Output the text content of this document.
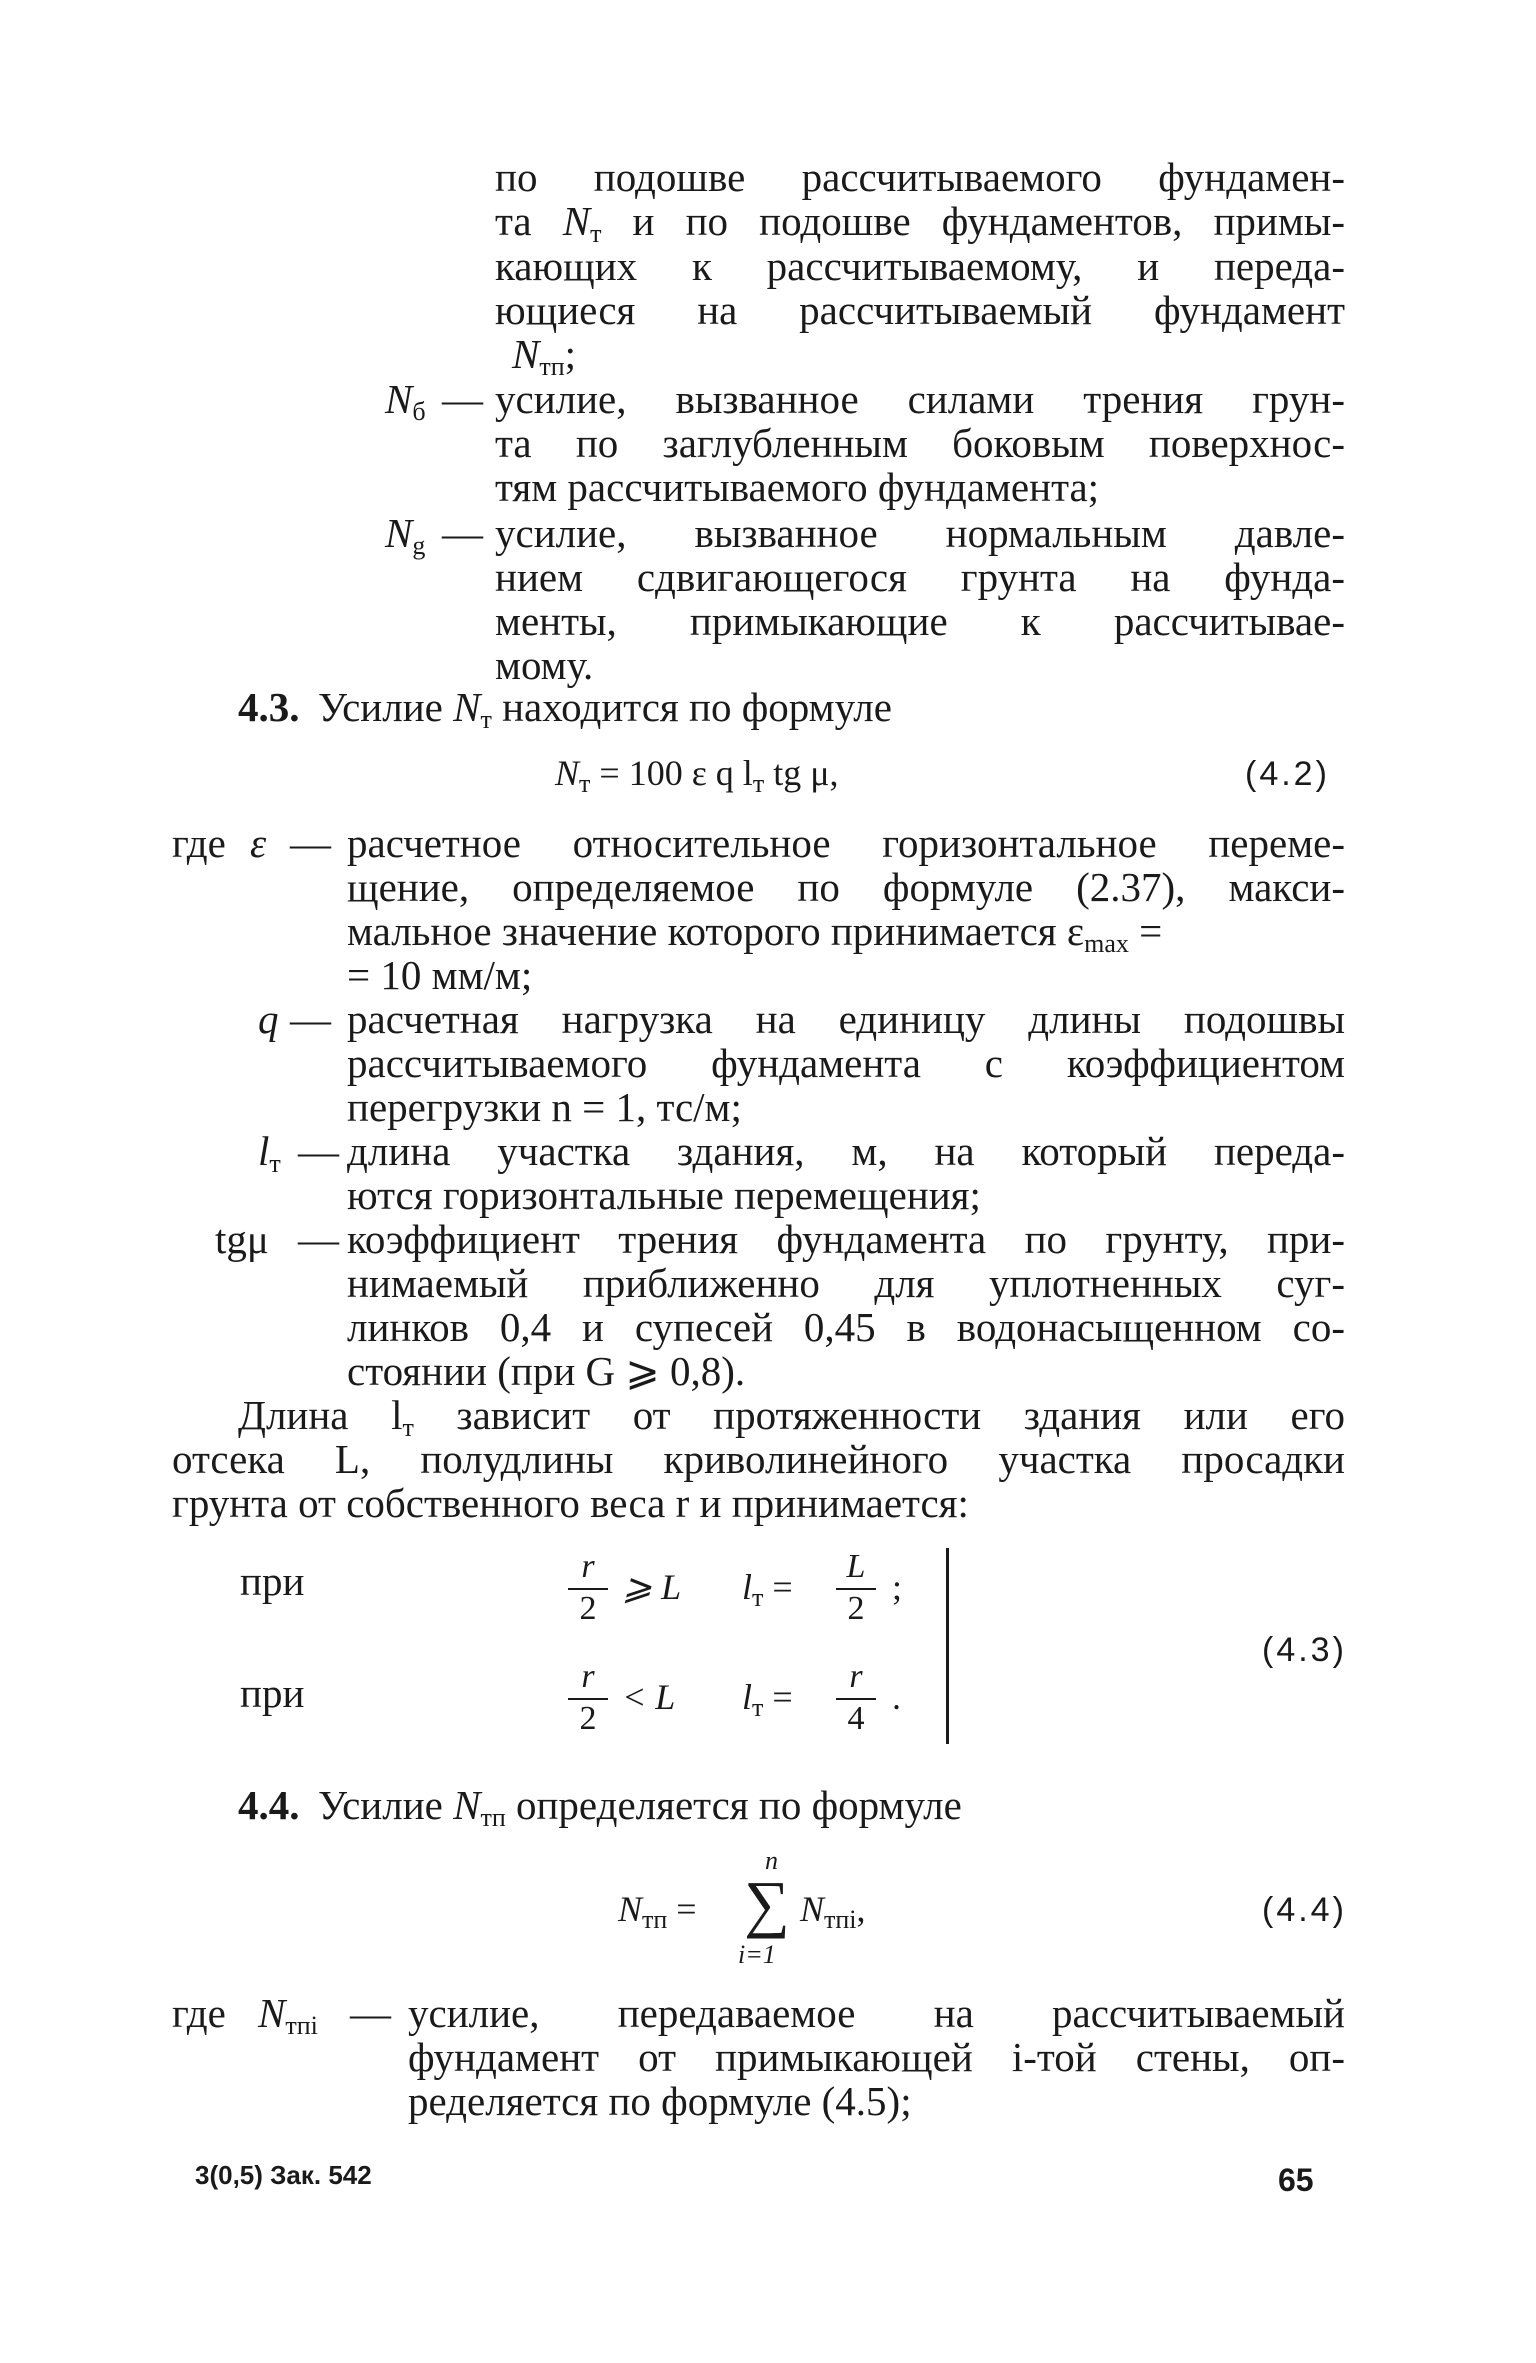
по подошве рассчитываемого фундамен-
та Nт и по подошве фундаментов, примы-
кающих к рассчитываемому, и переда-
ющиеся на рассчитываемый фундамент
Nтп;
Nб — усилие, вызванное силами трения грун-
та по заглубленным боковым поверхнос-
тям рассчитываемого фундамента;
Ng — усилие, вызванное нормальным давле-
нием сдвигающегося грунта на фунда-
менты, примыкающие к рассчитывае-
мому.
4.3. Усилие Nт находится по формуле
Nт = 100 ε q lт tg μ,	(4.2)
где ε — расчетное относительное горизонтальное переме-
щение, определяемое по формуле (2.37), макси-
мальное значение которого принимается εmax =
= 10 мм/м;
q — расчетная нагрузка на единицу длины подошвы
рассчитываемого фундамента с коэффициентом
перегрузки n = 1, тс/м;
lт — длина участка здания, м, на который переда-
ются горизонтальные перемещения;
tgμ — коэффициент трения фундамента по грунту, при-
нимаемый приближенно для уплотненных суг-
линков 0,4 и супесей 0,45 в водонасыщенном со-
стоянии (при G ⩾ 0,8).
Длина lт зависит от протяженности здания или его
отсека L, полудлины криволинейного участка просадки
грунта от собственного веса r и принимается:
при	r
2
⩾ L lт =
L
2
;
при	r
2
< L lт =
r
4
.
(4.3)
4.4. Усилие Nтп определяется по формуле
Nтп =
n
∑
i=1
Nтпi,	(4.4)
где Nтпi — усилие, передаваемое на рассчитываемый
фундамент от примыкающей i-той стены, оп-
ределяется по формуле (4.5);
3(0,5) Зак. 542	65
